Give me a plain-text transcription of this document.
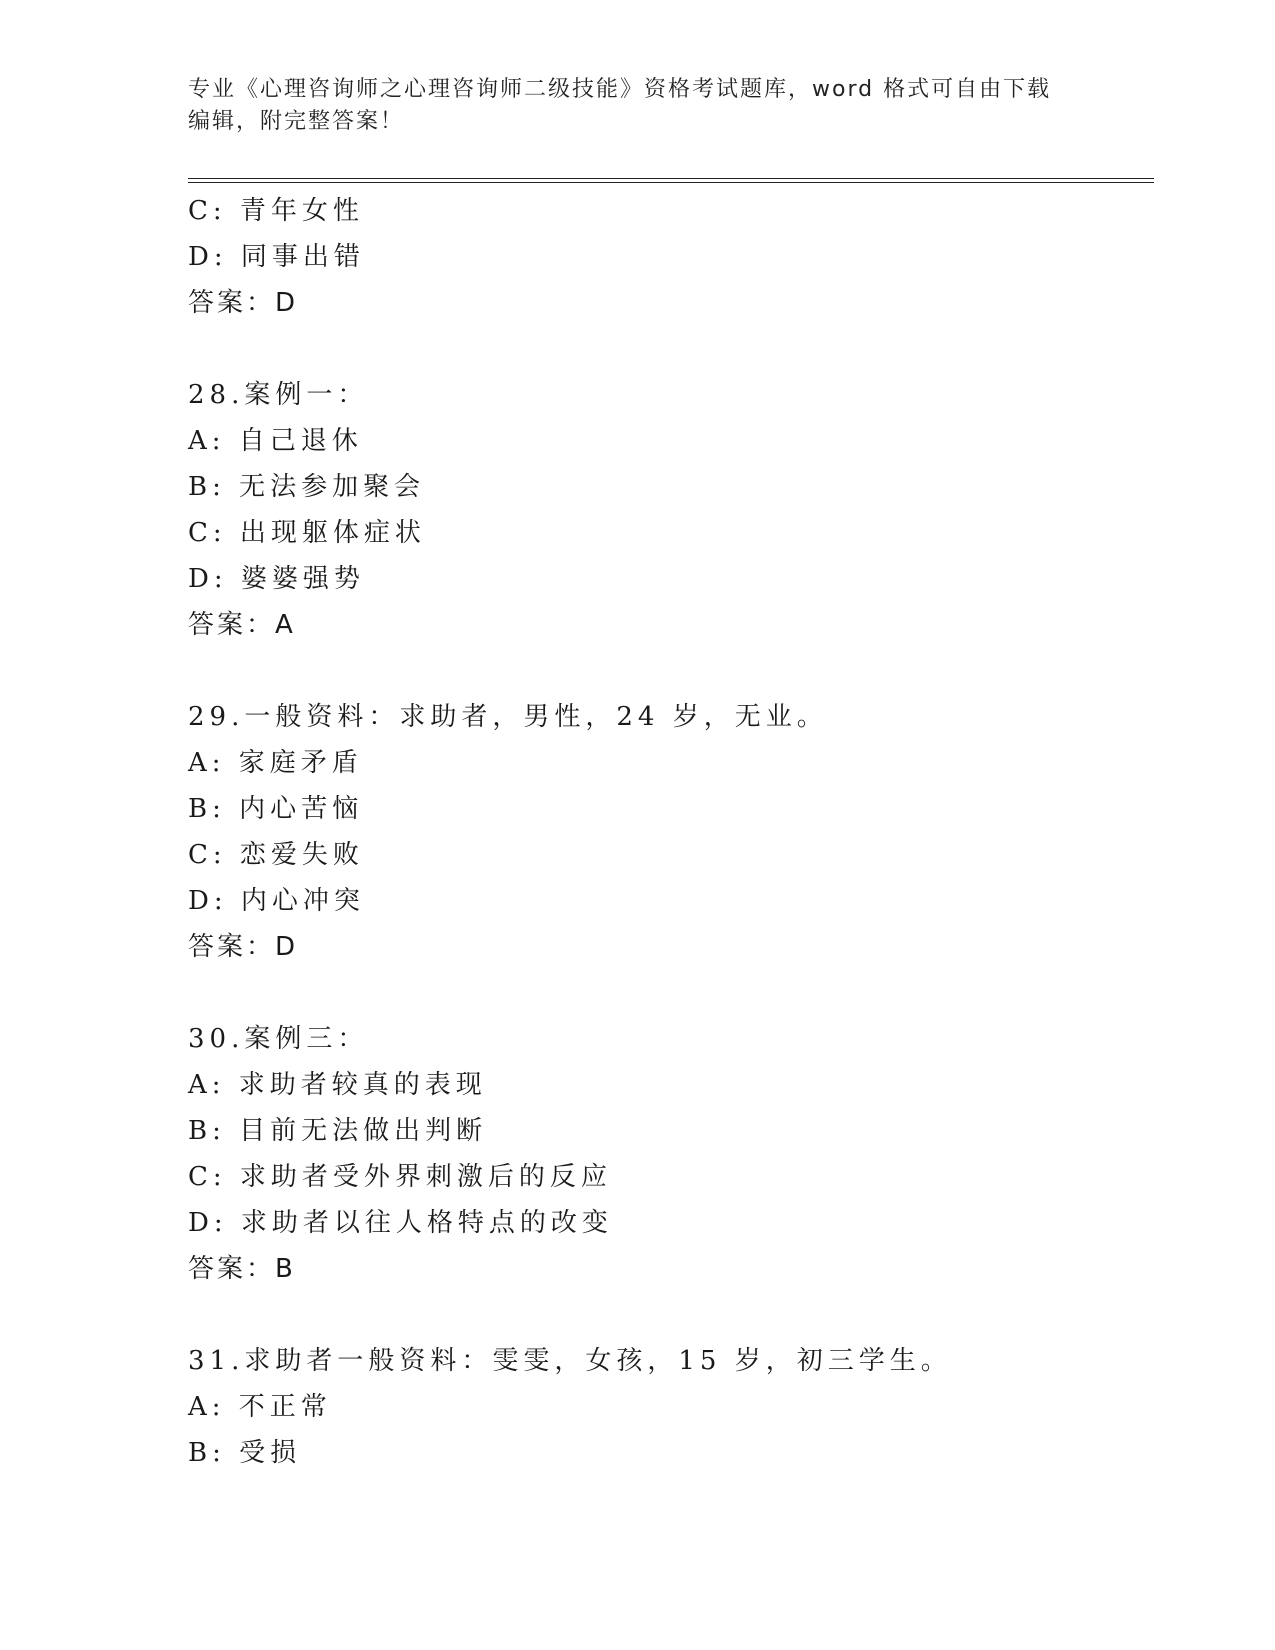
专业《心理咨询师之心理咨询师二级技能》资格考试题库，word 格式可自由下载
编辑，附完整答案！
C: 青年女性
D: 同事出错
答案：D
28.案例一：
A: 自己退休
B: 无法参加聚会
C: 出现躯体症状
D: 婆婆强势
答案：A
29.一般资料：求助者，男性，24 岁，无业。
A: 家庭矛盾
B: 内心苦恼
C: 恋爱失败
D: 内心冲突
答案：D
30.案例三：
A: 求助者较真的表现
B: 目前无法做出判断
C: 求助者受外界刺激后的反应
D: 求助者以往人格特点的改变
答案：B
31.求助者一般资料：雯雯，女孩，15 岁，初三学生。
A: 不正常
B: 受损
